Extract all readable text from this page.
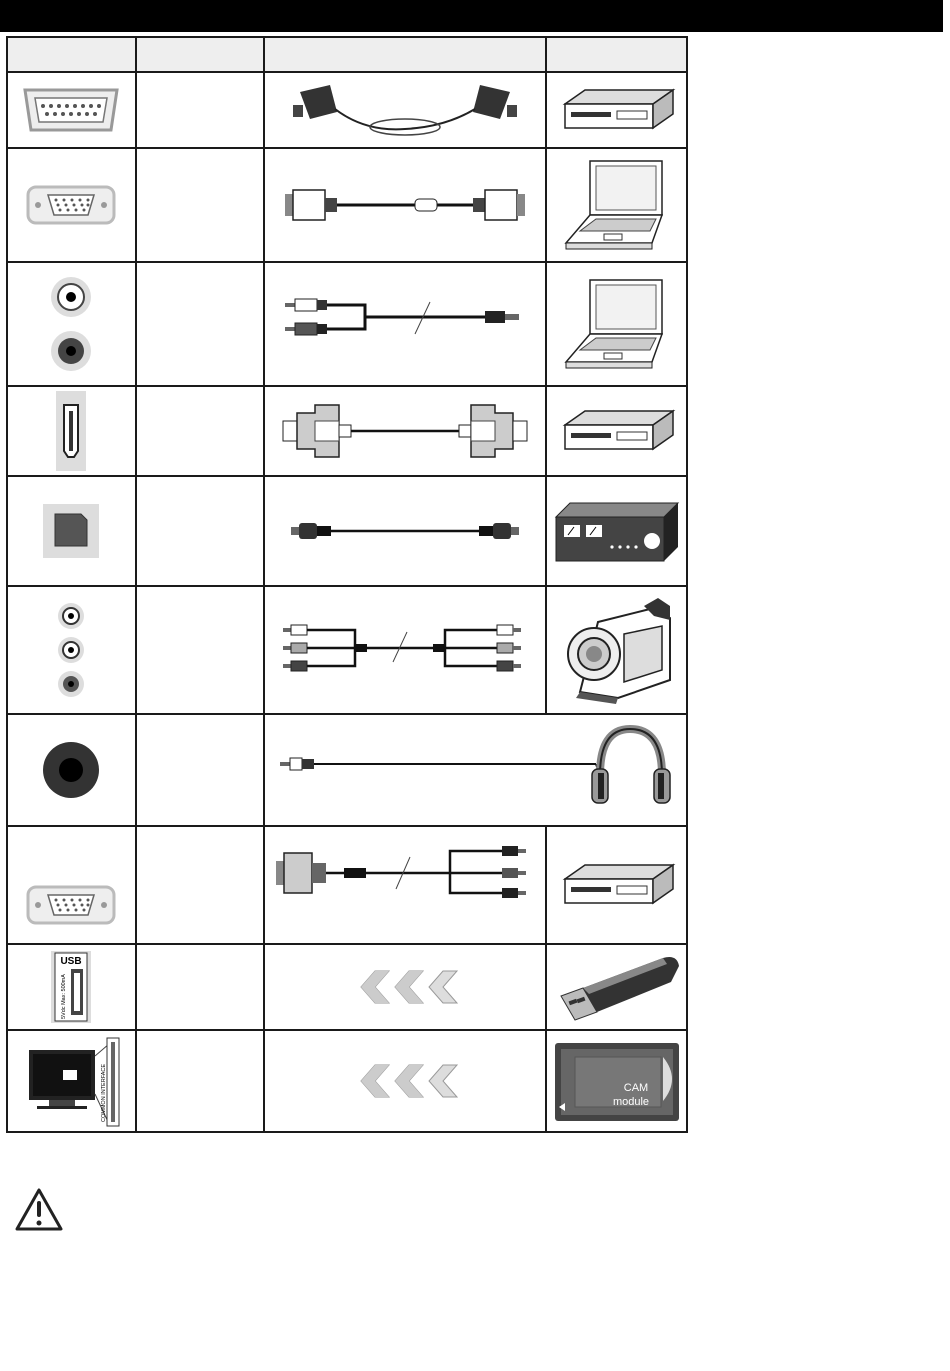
USB
5Vdc Max: 500mA

COMMON INTERFACE			CAM
module
